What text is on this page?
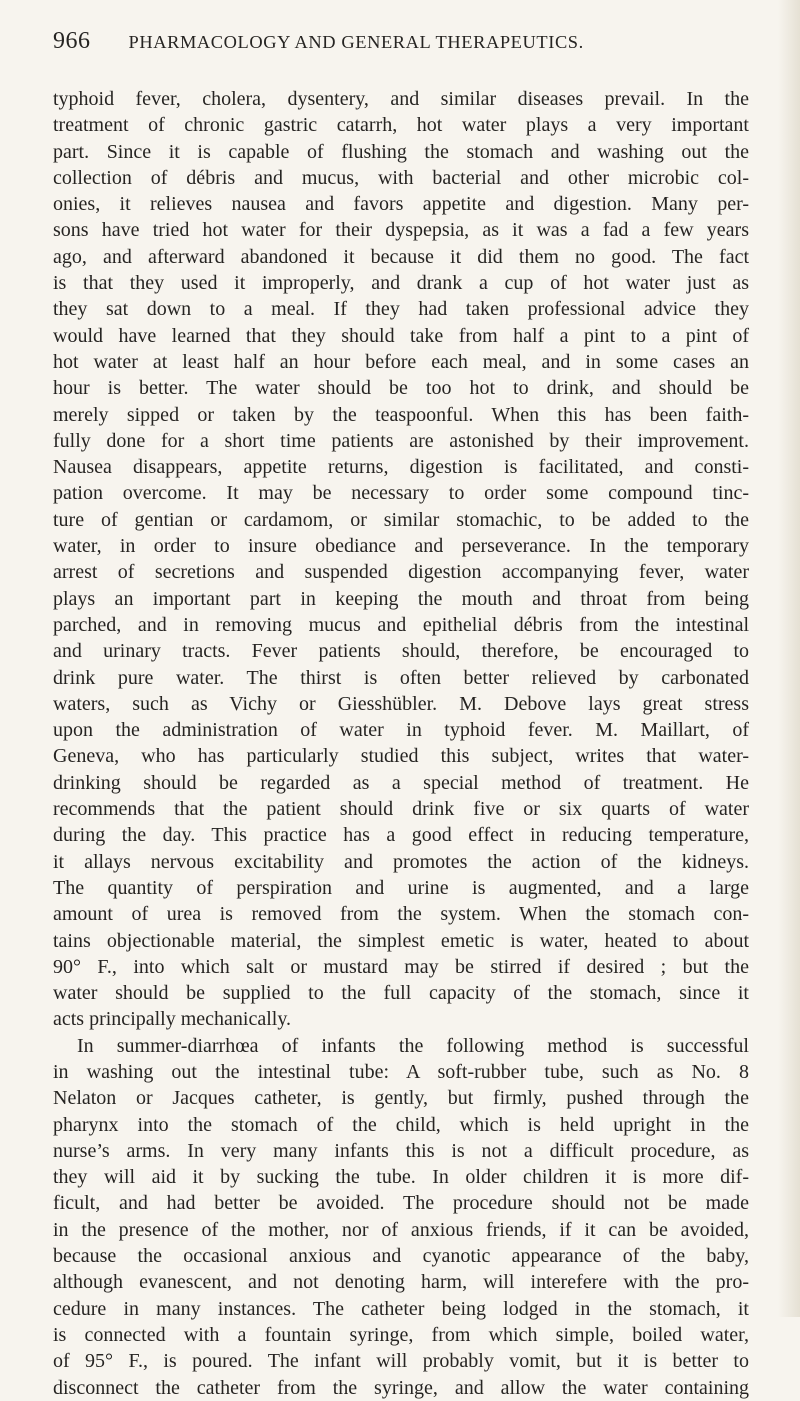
966 PHARMACOLOGY AND GENERAL THERAPEUTICS.
typhoid fever, cholera, dysentery, and similar diseases prevail. In the
treatment of chronic gastric catarrh, hot water plays a very important
part. Since it is capable of flushing the stomach and washing out the
collection of débris and mucus, with bacterial and other microbic col-
onies, it relieves nausea and favors appetite and digestion. Many per-
sons have tried hot water for their dyspepsia, as it was a fad a few years
ago, and afterward abandoned it because it did them no good. The fact
is that they used it improperly, and drank a cup of hot water just as
they sat down to a meal. If they had taken professional advice they
would have learned that they should take from half a pint to a pint of
hot water at least half an hour before each meal, and in some cases an
hour is better. The water should be too hot to drink, and should be
merely sipped or taken by the teaspoonful. When this has been faith-
fully done for a short time patients are astonished by their improvement.
Nausea disappears, appetite returns, digestion is facilitated, and consti-
pation overcome. It may be necessary to order some compound tinc-
ture of gentian or cardamom, or similar stomachic, to be added to the
water, in order to insure obediance and perseverance. In the temporary
arrest of secretions and suspended digestion accompanying fever, water
plays an important part in keeping the mouth and throat from being
parched, and in removing mucus and epithelial débris from the intestinal
and urinary tracts. Fever patients should, therefore, be encouraged to
drink pure water. The thirst is often better relieved by carbonated
waters, such as Vichy or Giesshübler. M. Debove lays great stress
upon the administration of water in typhoid fever. M. Maillart, of
Geneva, who has particularly studied this subject, writes that water-
drinking should be regarded as a special method of treatment. He
recommends that the patient should drink five or six quarts of water
during the day. This practice has a good effect in reducing temperature,
it allays nervous excitability and promotes the action of the kidneys.
The quantity of perspiration and urine is augmented, and a large
amount of urea is removed from the system. When the stomach con-
tains objectionable material, the simplest emetic is water, heated to about
90° F., into which salt or mustard may be stirred if desired ; but the
water should be supplied to the full capacity of the stomach, since it
acts principally mechanically.
In summer-diarrhœa of infants the following method is successful
in washing out the intestinal tube: A soft-rubber tube, such as No. 8
Nelaton or Jacques catheter, is gently, but firmly, pushed through the
pharynx into the stomach of the child, which is held upright in the
nurse’s arms. In very many infants this is not a difficult procedure, as
they will aid it by sucking the tube. In older children it is more dif-
ficult, and had better be avoided. The procedure should not be made
in the presence of the mother, nor of anxious friends, if it can be avoided,
because the occasional anxious and cyanotic appearance of the baby,
although evanescent, and not denoting harm, will interefere with the pro-
cedure in many instances. The catheter being lodged in the stomach, it
is connected with a fountain syringe, from which simple, boiled water,
of 95° F., is poured. The infant will probably vomit, but it is better to
disconnect the catheter from the syringe, and allow the water containing
